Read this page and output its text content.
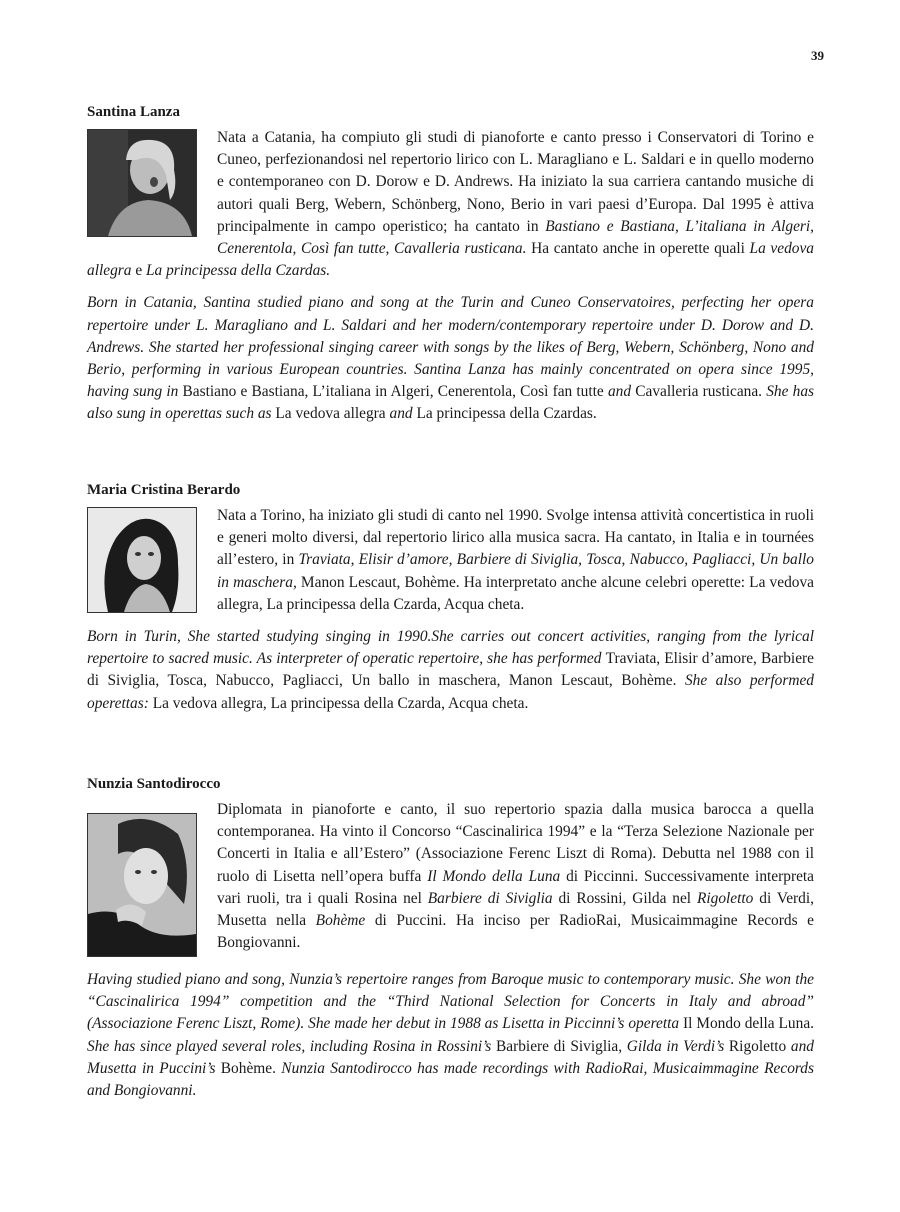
39
Santina Lanza
Nata a Catania, ha compiuto gli studi di pianoforte e canto presso i Conservatori di Torino e Cuneo, perfezionandosi nel repertorio lirico con L. Maragliano e L. Saldari e in quello moderno e contemporaneo con D. Dorow e D. Andrews. Ha iniziato la sua carriera cantando musiche di autori quali Berg, Webern, Schönberg, Nono, Berio in vari paesi d’Europa. Dal 1995 è attiva principalmente in campo operistico; ha cantato in Bastiano e Bastiana, L’italiana in Algeri, Cenerentola, Così fan tutte, Cavalleria rusticana. Ha cantato anche in operette quali La vedova allegra e La principessa della Czardas.

Born in Catania, Santina studied piano and song at the Turin and Cuneo Conservatoires, perfecting her opera repertoire under L. Maragliano and L. Saldari and her modern/contemporary repertoire under D. Dorow and D. Andrews. She started her professional singing career with songs by the likes of Berg, Webern, Schönberg, Nono and Berio, performing in various European countries. Santina Lanza has mainly concentrated on opera since 1995, having sung in Bastiano e Bastiana, L’italiana in Algeri, Cenerentola, Così fan tutte and Cavalleria rusticana. She has also sung in operettas such as La vedova allegra and La principessa della Czardas.

Maria Cristina Berardo
Nata a Torino, ha iniziato gli studi di canto nel 1990. Svolge intensa attività concertistica in ruoli e generi molto diversi, dal repertorio lirico alla musica sacra. Ha cantato, in Italia e in tournées all’estero, in Traviata, Elisir d’amore, Barbiere di Siviglia, Tosca, Nabucco, Pagliacci, Un ballo in maschera, Manon Lescaut, Bohème. Ha interpretato anche alcune celebri operette: La vedova allegra, La principessa della Czarda, Acqua cheta.

Born in Turin, She started studying singing in 1990.She carries out concert activities, ranging from the lyrical repertoire to sacred music. As interpreter of operatic repertoire, she has performed Traviata, Elisir d’amore, Barbiere di Siviglia, Tosca, Nabucco, Pagliacci, Un ballo in maschera, Manon Lescaut, Bohème. She also performed operettas: La vedova allegra, La principessa della Czarda, Acqua cheta.

Nunzia Santodirocco
Diplomata in pianoforte e canto, il suo repertorio spazia dalla musica barocca a quella contemporanea. Ha vinto il Concorso “Cascinalirica 1994” e la “Terza Selezione Nazionale per Concerti in Italia e all’Estero” (Associazione Ferenc Liszt di Roma). Debutta nel 1988 con il ruolo di Lisetta nell’opera buffa Il Mondo della Luna di Piccinni. Successivamente interpreta vari ruoli, tra i quali Rosina nel Barbiere di Siviglia di Rossini, Gilda nel Rigoletto di Verdi, Musetta nella Bohème di Puccini. Ha inciso per RadioRai, Musicaimmagine Records e Bongiovanni.

Having studied piano and song, Nunzia’s repertoire ranges from Baroque music to contemporary music. She won the “Cascinalirica 1994” competition and the “Third National Selection for Concerts in Italy and abroad” (Associazione Ferenc Liszt, Rome). She made her debut in 1988 as Lisetta in Piccinni’s operetta Il Mondo della Luna. She has since played several roles, including Rosina in Rossini’s Barbiere di Siviglia, Gilda in Verdi’s Rigoletto and Musetta in Puccini’s Bohème. Nunzia Santodirocco has made recordings with RadioRai, Musicaimmagine Records and Bongiovanni.
